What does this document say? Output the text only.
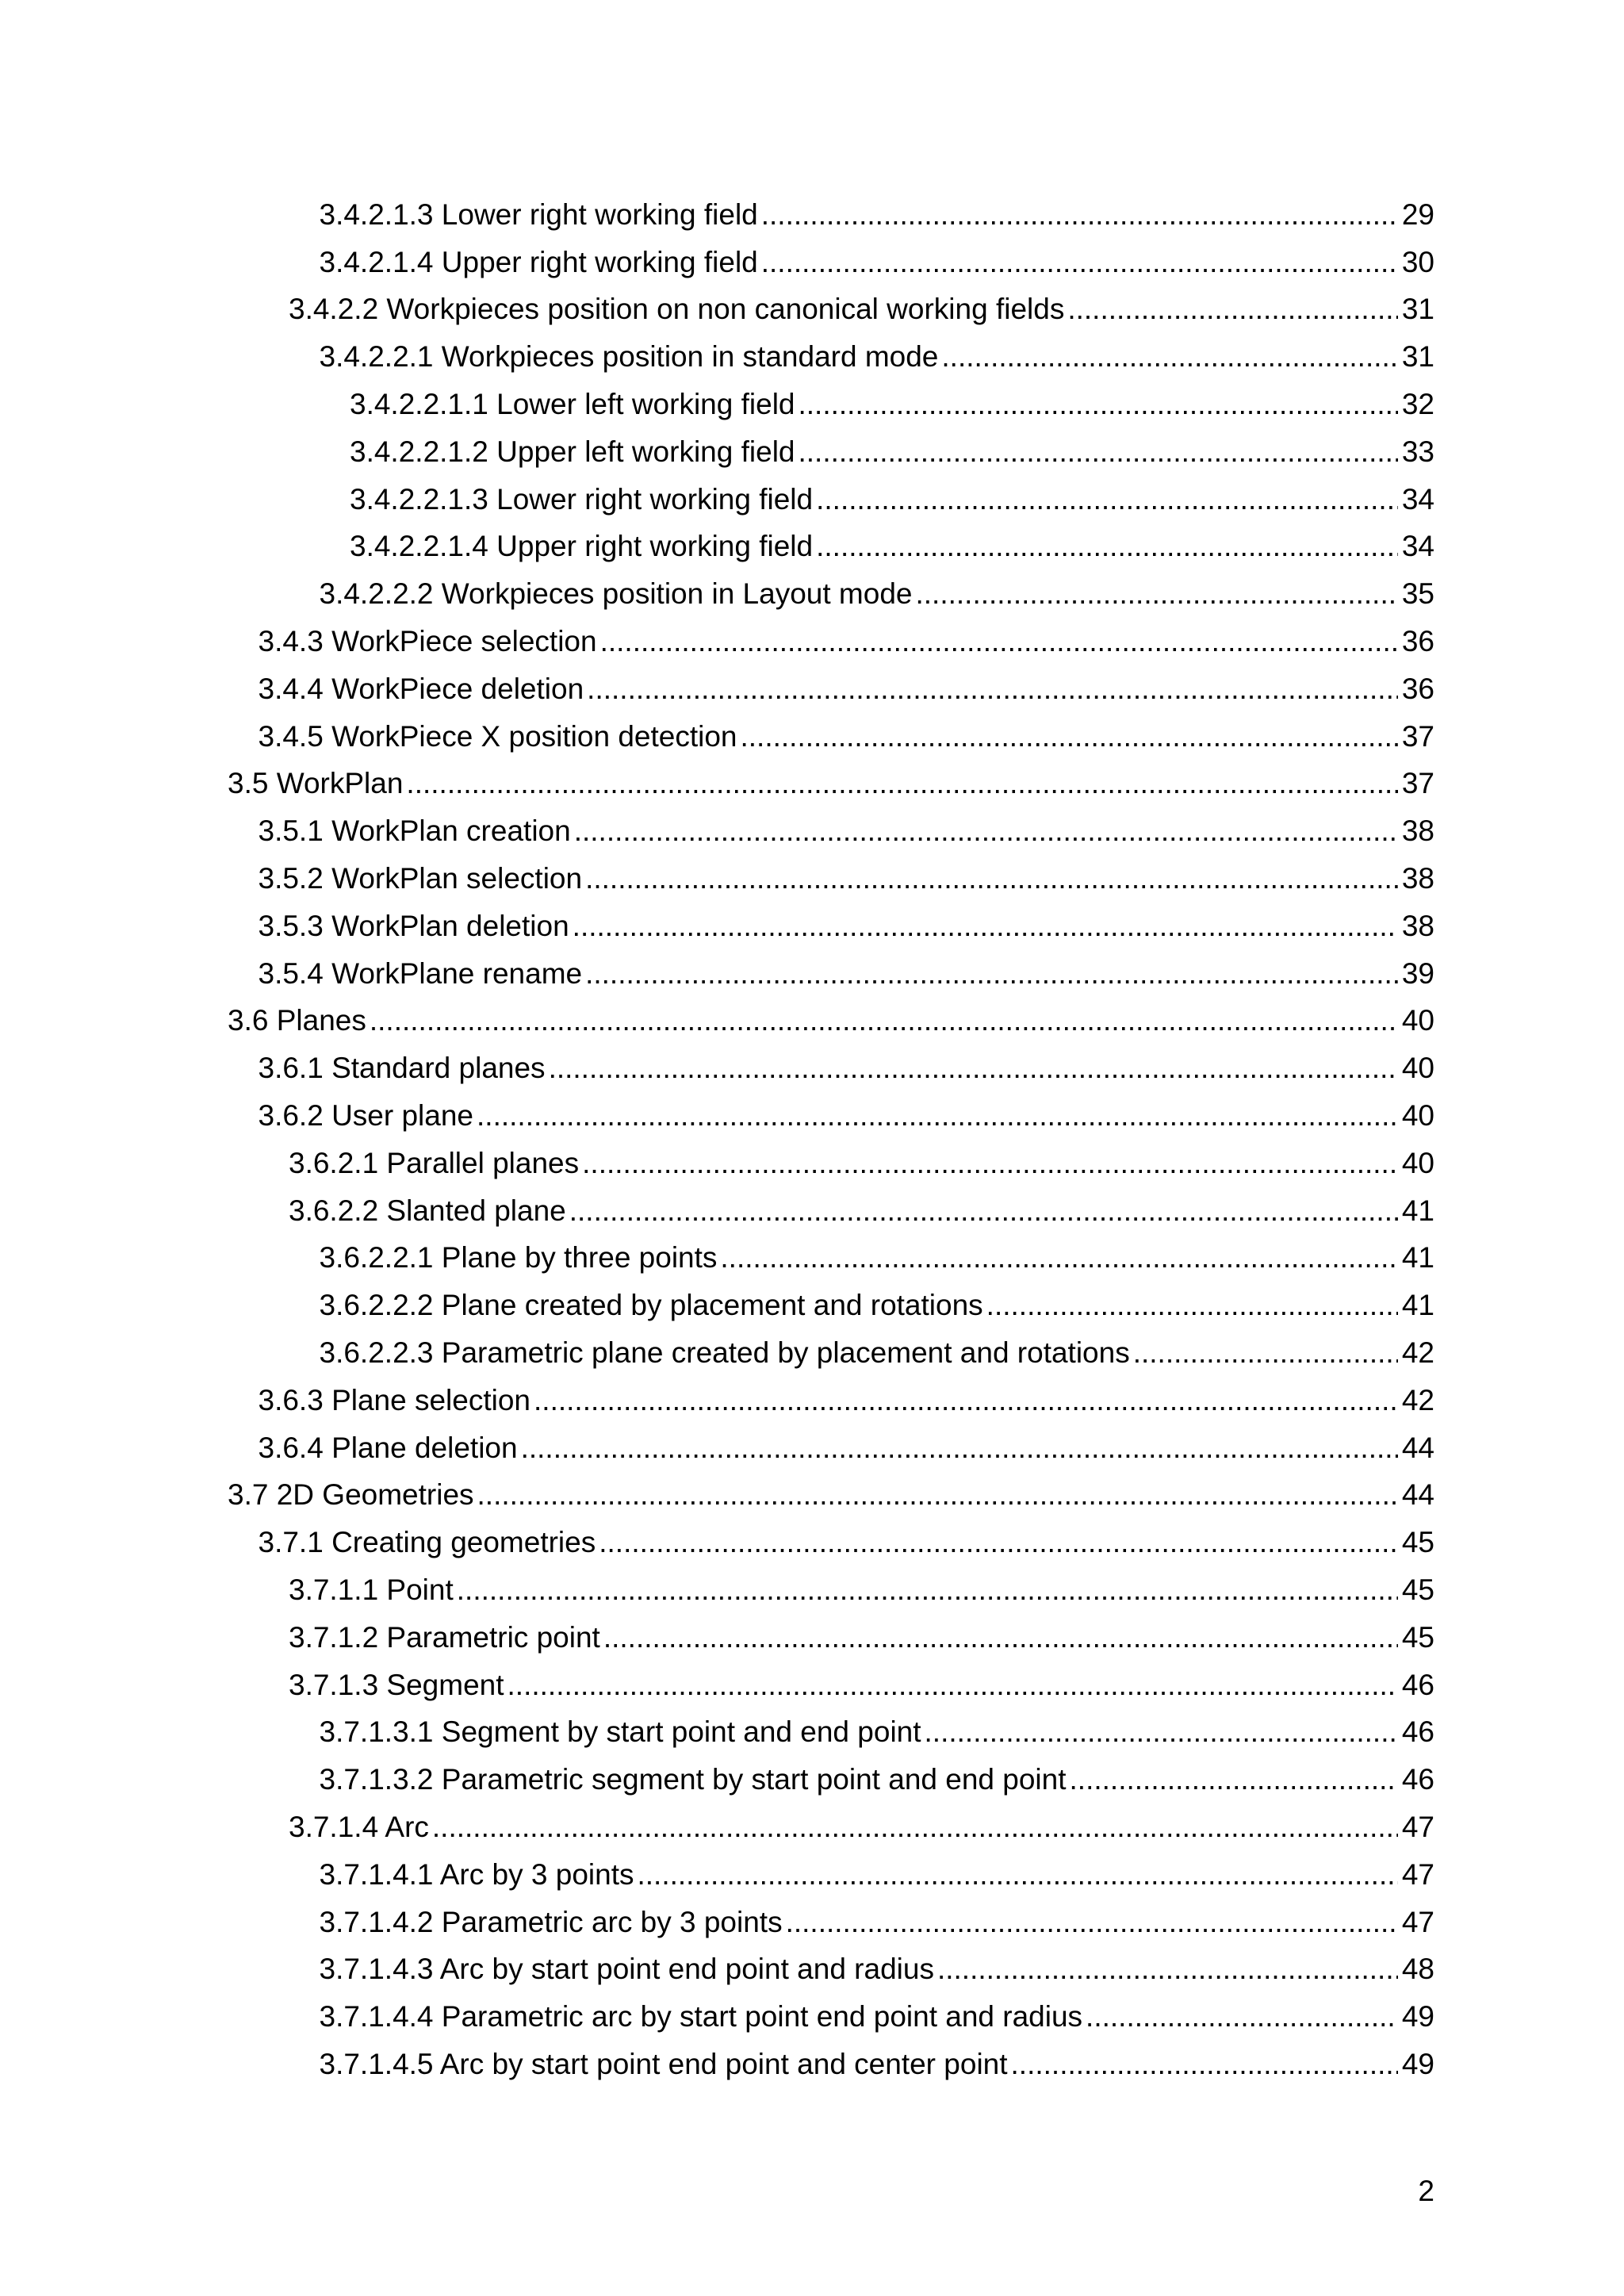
3.4.2.1.3 Lower right working field .....	29
3.4.2.1.4 Upper right working field .....	30
3.4.2.2 Workpieces position on non canonical working fields .....	31
3.4.2.2.1 Workpieces position in standard mode .....	31
3.4.2.2.1.1 Lower left working field .....	32
3.4.2.2.1.2 Upper left working field .....	33
3.4.2.2.1.3 Lower right working field .....	34
3.4.2.2.1.4 Upper right working field .....	34
3.4.2.2.2 Workpieces position in Layout mode .....	35
3.4.3 WorkPiece selection .....	36
3.4.4 WorkPiece deletion .....	36
3.4.5 WorkPiece X position detection .....	37
3.5 WorkPlan .....	37
3.5.1 WorkPlan creation .....	38
3.5.2 WorkPlan selection .....	38
3.5.3 WorkPlan deletion .....	38
3.5.4 WorkPlane rename .....	39
3.6 Planes .....	40
3.6.1 Standard planes .....	40
3.6.2 User plane .....	40
3.6.2.1 Parallel planes .....	40
3.6.2.2 Slanted plane .....	41
3.6.2.2.1 Plane by three points .....	41
3.6.2.2.2 Plane created by placement and rotations .....	41
3.6.2.2.3 Parametric plane created by placement and rotations .....	42
3.6.3 Plane selection .....	42
3.6.4 Plane deletion .....	44
3.7 2D Geometries .....	44
3.7.1 Creating geometries .....	45
3.7.1.1 Point .....	45
3.7.1.2 Parametric point .....	45
3.7.1.3 Segment .....	46
3.7.1.3.1 Segment by start point and end point .....	46
3.7.1.3.2 Parametric segment by start point and end point .....	46
3.7.1.4 Arc .....	47
3.7.1.4.1 Arc by 3 points .....	47
3.7.1.4.2 Parametric arc by 3 points .....	47
3.7.1.4.3 Arc by start point end point and radius .....	48
3.7.1.4.4 Parametric arc by start point end point and radius .....	49
3.7.1.4.5 Arc by start point end point and center point .....	49
2
